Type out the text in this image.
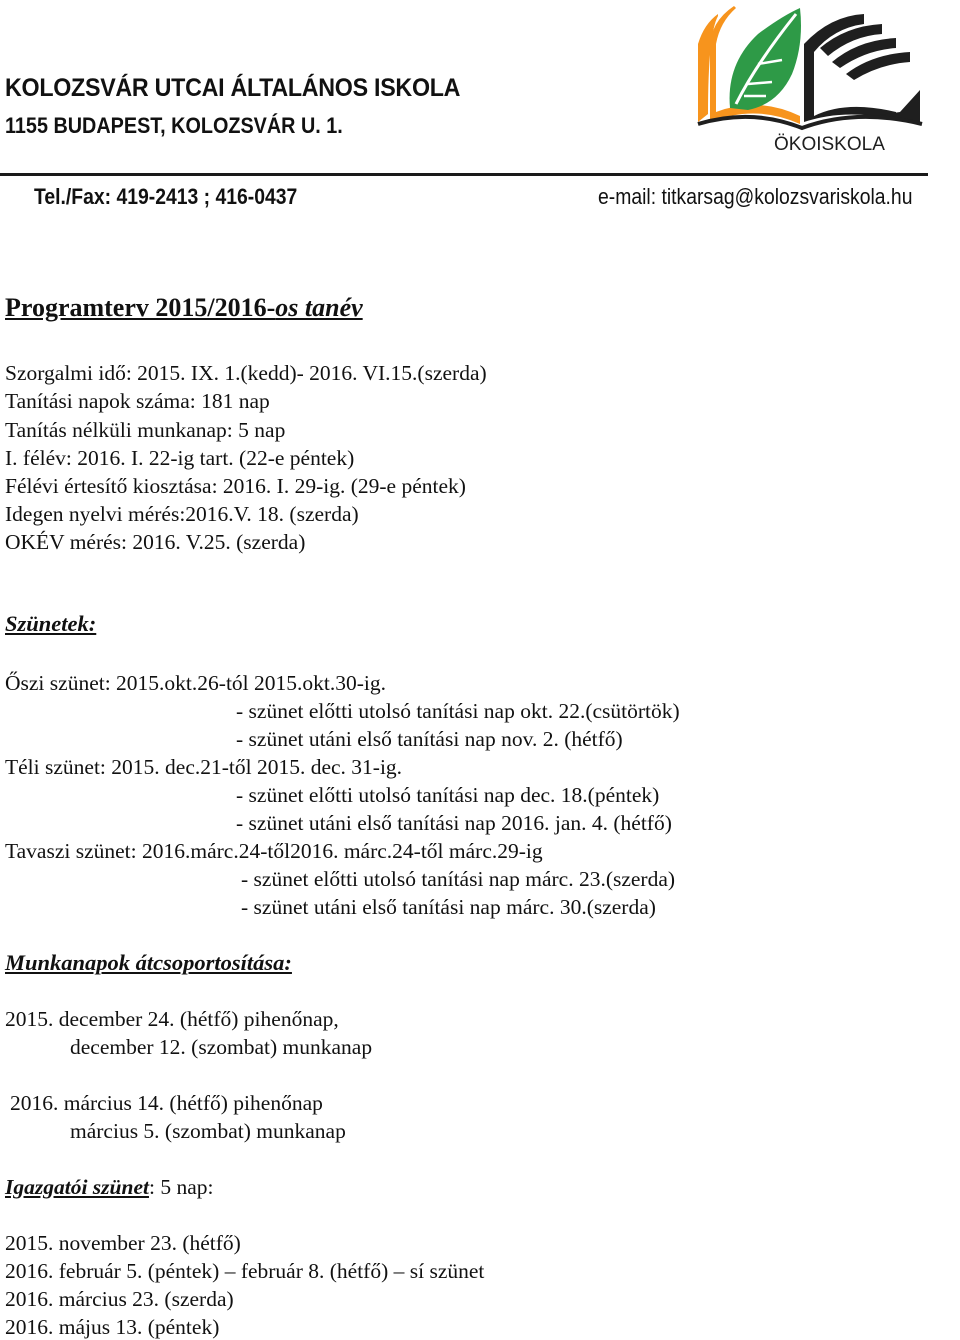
KOLOZSVÁR UTCAI ÁLTALÁNOS ISKOLA
1155 BUDAPEST, KOLOZSVÁR U. 1.
ÖKOISKOLA
Tel./Fax: 419-2413 ; 416-0437	e-mail: titkarsag@kolozsvariskola.hu
Programterv 2015/2016-os tanév
Szorgalmi idő: 2015. IX. 1.(kedd)- 2016. VI.15.(szerda)
Tanítási napok száma: 181 nap
Tanítás nélküli munkanap: 5 nap
I. félév: 2016. I. 22-ig tart. (22-e péntek)
Félévi értesítő kiosztása: 2016. I. 29-ig. (29-e péntek)
Idegen nyelvi mérés:2016.V. 18. (szerda)
OKÉV mérés: 2016. V.25. (szerda)
Szünetek:
Őszi szünet: 2015.okt.26-tól 2015.okt.30-ig.
- szünet előtti utolsó tanítási nap okt. 22.(csütörtök)
- szünet utáni első tanítási nap nov. 2. (hétfő)
Téli szünet: 2015. dec.21-től 2015. dec. 31-ig.
- szünet előtti utolsó tanítási nap dec. 18.(péntek)
- szünet utáni első tanítási nap 2016. jan. 4. (hétfő)
Tavaszi szünet: 2016.márc.24-től2016. márc.24-től márc.29-ig
- szünet előtti utolsó tanítási nap márc. 23.(szerda)
- szünet utáni első tanítási nap márc. 30.(szerda)
Munkanapok átcsoportosítása:
2015. december 24. (hétfő) pihenőnap,
december 12. (szombat) munkanap
2016. március 14. (hétfő) pihenőnap
március 5. (szombat) munkanap
Igazgatói szünet: 5 nap:
2015. november 23. (hétfő)
2016. február 5. (péntek) – február 8. (hétfő) – sí szünet
2016. március 23. (szerda)
2016. május 13. (péntek)
